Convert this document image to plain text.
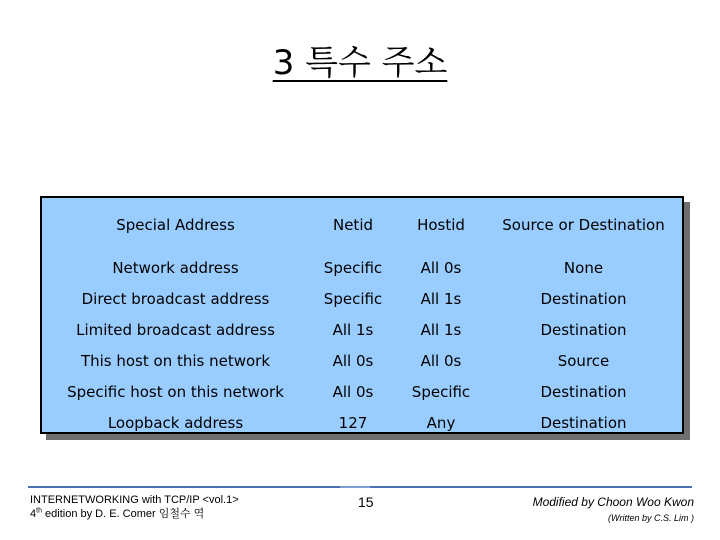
3 특수 주소
Special Address	Netid	Hostid	Source or Destination
Network address	Specific	All 0s	None
Direct broadcast address	Specific	All 1s	Destination
Limited broadcast address	All 1s	All 1s	Destination
This host on this network	All 0s	All 0s	Source
Specific host on this network	All 0s	Specific	Destination
Loopback address	127	Any	Destination
INTERNETWORKING with TCP/IP <vol.1>
4th edition by D. E. Comer 임철수 역
15	Modified by Choon Woo Kwon
(Written by C.S. Lim )
